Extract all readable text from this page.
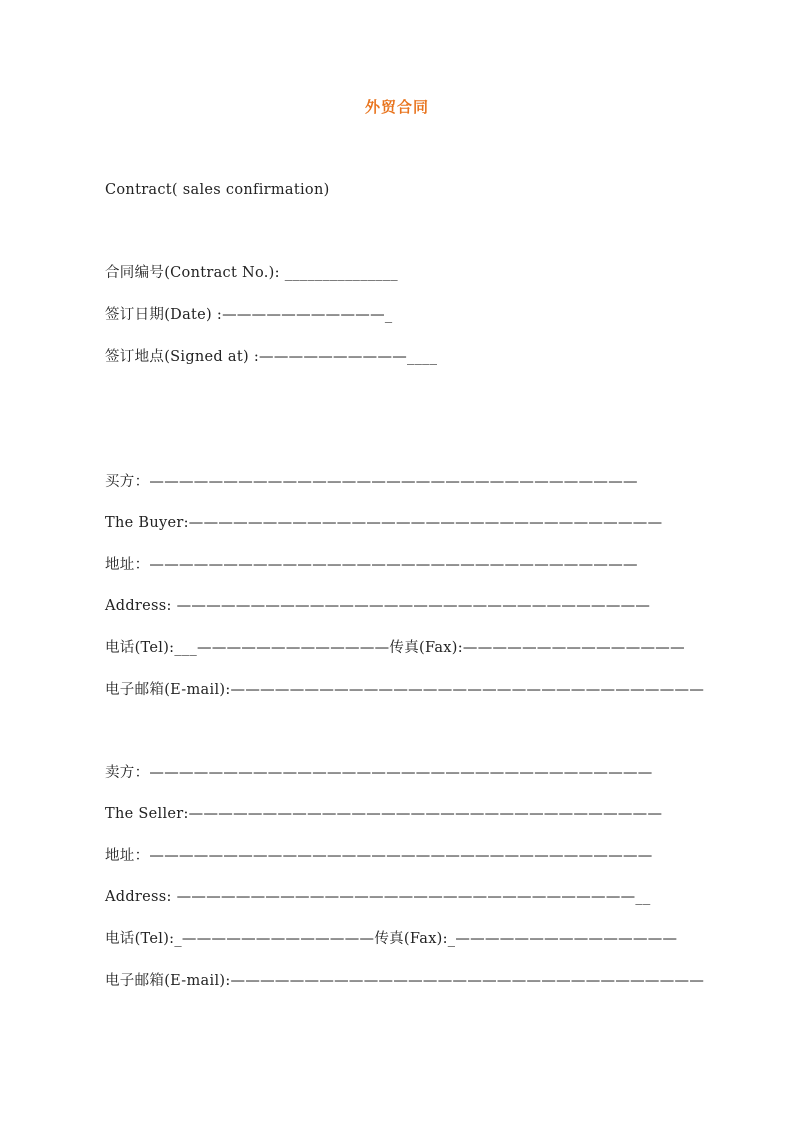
外贸合同
Contract( sales confirmation)
合同编号(Contract No.): _______________
签订日期(Date) :———————————_
签订地点(Signed at) :——————————____
买方：—————————————————————————————————
The Buyer:————————————————————————————————
地址：—————————————————————————————————
Address: ————————————————————————————————
电话(Tel):___—————————————传真(Fax):———————————————
电子邮箱(E-mail):————————————————————————————————
卖方：——————————————————————————————————
The Seller:————————————————————————————————
地址：——————————————————————————————————
Address: ———————————————————————————————__
电话(Tel):_—————————————传真(Fax):_———————————————
电子邮箱(E-mail):————————————————————————————————
